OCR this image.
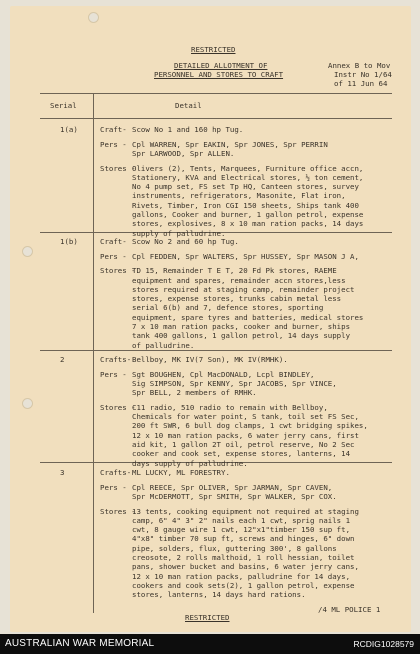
RESTRICTED
DETAILED ALLOTMENT OF
PERSONNEL AND STORES TO CRAFT
Annex B to Mov
Instr No 1/64
of 11 Jun 64
Serial	Detail
1(a)	Craft- Scow No 1 and 160 hp Tug.
Pers - Cpl WARREN, Spr EAKIN, Spr JONES, Spr PERRIN
Spr LARWOOD, Spr ALLEN.
Stores -
Olivers (2), Tents, Marquees, Furniture office accn,
Stationery, KVA and Electrical stores, ½ ton cement,
No 4 pump set, FS set Tp HQ, Canteen stores, survey
instruments, refrigerators, Masonite, Flat iron,
Rivets, Timber, Iron CGI 150 sheets, Ships tank 400
gallons, Cooker and burner, 1 gallon petrol, expense
stores, explosives, 8 x 10 man ration packs, 14 days
supply of palludrine.
1(b)	Craft- Scow No 2 and 60 hp Tug.
Pers - Cpl FEDDEN, Spr WALTERS, Spr HUSSEY, Spr MASON J A,
Stores -
TD 15, Remainder T E T, 20 Fd Pk stores, RAEME
equipment and spares, remainder accn stores,less
stores required at staging camp, remainder project
stores, expense stores, trunks cabin metal less
serial 6(b) and 7, defence stores, sporting
equipment, spare tyres and batteries, medical stores
7 x 10 man ration packs, cooker and burner, ships
tank 400 gallons, 1 gallon petrol, 14 days supply
of palludrine.
2	Crafts- Bellboy, MK IV(7 Son), MK IV(RMHK).
Pers - Sgt BOUGHEN, Cpl MacDONALD, Lcpl BINDLEY,
Sig SIMPSON, Spr KENNY, Spr JACOBS, Spr VINCE,
Spr BELL, 2 members of RMHK.
Stores -
C11 radio, 510 radio to remain with Bellboy,
Chemicals for water point, S tank, toil set FS Sec,
200 ft SWR, 6 bull dog clamps, 1 cwt bridging spikes,
12 x 10 man ration packs, 6 water jerry cans, first
aid kit, 1 gallon 2T oil, petrol reserve, No 2 Sec
cooker and cook set, expense stores, lanterns, 14
days supply of palludrine.
3	Crafts- ML LUCKY, ML FORESTRY.
Pers - Cpl REECE, Spr OLIVER, Spr JARMAN, Spr CAVEN,
Spr McDERMOTT, Spr SMITH, Spr WALKER, Spr COX.
Stores -
13 tents, cooking equipment not required at staging
camp, 6" 4" 3" 2" nails each 1 cwt, sprig nails 1
cwt, 8 gauge wire 1 cwt, 12"x1"timber 150 sup ft,
4"x8" timber 70 sup ft, screws and hinges, 6" down
pipe, solders, flux, guttering 300', 8 gallons
creosote, 2 rolls malthoid, 1 roll hessian, toilet
pans, shower bucket and basins, 6 water jerry cans,
12 x 10 man ration packs, palludrine for 14 days,
cookers and cook sets(2), 1 gallon petrol, expense
stores, lanterns, 14 days hard rations.
RESTRICTED
/4 ML POLICE 1
AUSTRALIAN WAR MEMORIAL	RCDIG1028579
